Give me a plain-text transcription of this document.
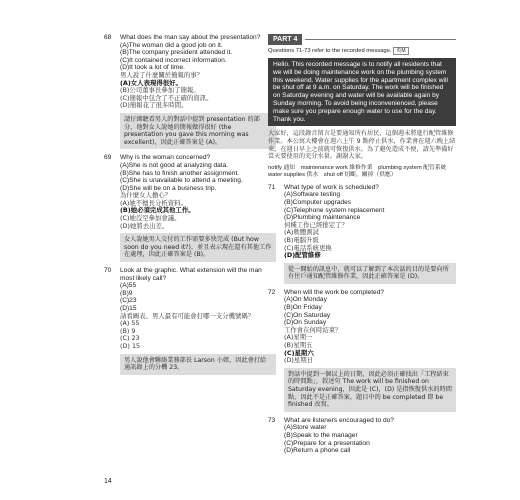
68 What does the man say about the presentation?
(A)The woman did a good job on it.
(B)The company president attended it.
(C)It contained incorrect information.
(D)It took a lot of time.
男人說了什麼關於簡報的事？
(A)女人表現得很好。
(B)公司董事長參加了簡報。
(C)簡報中包含了不正確的資訊。
(D)簡報花了很多時間。
請仔細聽看男人的對話中提到 presentation 的部分，他對女人說她的簡報做得很好 (the presentation you gave this morning was excellent)，因此正確答案是 (A)。
69 Why is the woman concerned?
(A)She is not good at analyzing data.
(B)She has to finish another assignment.
(C)She is unavailable to attend a meeting.
(D)She will be on a business trip.
為什麼女人擔心？
(A)她不擅長分析資料。
(B)她必須完成其他工作。
(C)她沒空參加會議。
(D)她將去出差。
女人說她男人交付的工作需要多快完成 (But how soon do you need it?)，並且表示現在還有其他工作在處理，因此正確答案是 (B)。
70 Look at the graphic. What extension will the man most likely call?
(A)55
(B)9
(C)23
(D)15
請看圖表。男人最有可能會打哪一支分機號碼？
(A) 55
(B) 9
(C) 23
(D) 15
男人說他會聯絡業務部長 Larson 小姐，因此會打給通訊錄上的分機 23。
PART 4
Questions 71-73 refer to the recorded message. 英M
Hello. This recorded message is to notify all residents that we will be doing maintenance work on the plumbing system this weekend. Water supplies for the apartment complex will be shut off at 9 a.m. on Saturday. The work will be finished on Saturday evening and water will be available again by Sunday morning. To avoid being inconvenienced, please make sure you prepare enough water to use for the day. Thank you.
大家好，這段錄音留言是要通知所有居民，這個週末將進行配管維修作業。本公寓大樓會在週六上午 9 點停止供水，作業會在週六晚上結束，在週日早上之前就可恢復供水。為了避免造成不便，請先準備好當天要使用的充分水量。謝謝大家。
notify 通知 maintenance work 維修作業 plumbing system 配管系統 water supplies 供水 shut off 切斷，關掉（供應）
71 What type of work is scheduled?
(A)Software testing
(B)Computer upgrades
(C)Telephone system replacement
(D)Plumbing maintenance
何種工作已經排定了？
(A)軟體測試
(B)電腦升級
(C)電話系統更換
(D)配管維修
從一開始的訊息中，就可以了解到了本次話的目的是要向所有住戶通知配管維修作業，因此正確答案是 (D)。
72 When will the work be completed?
(A)On Monday
(B)On Friday
(C)On Saturday
(D)On Sunday
工作會在何時結束？
(A)星期一
(B)星期五
(C)星期六
(D)星期日
對話中提到一個以上的日期，因此必須正確找出「工程結束的時間點」，敘述句 The work will be finished on Saturday evening，因此是 (C)，(D) 是指恢復供水的時間點，因此不是正確答案，題目中的 be completed 即 be finished 改寫。
73 What are listeners encouraged to do?
(A)Store water
(B)Speak to the manager
(C)Prepare for a presentation
(D)Return a phone call
14
